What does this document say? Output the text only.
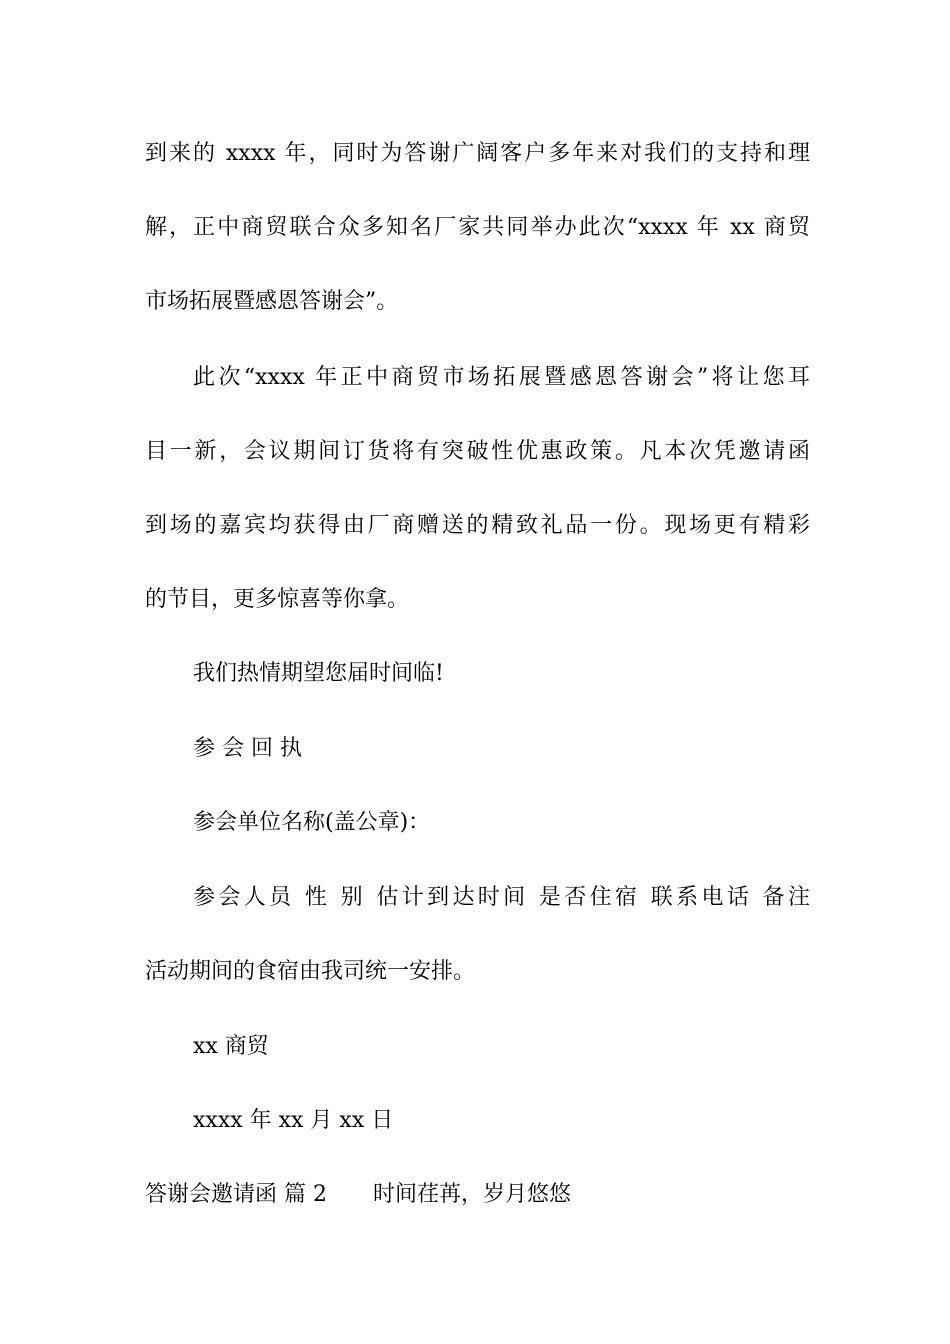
到来的 xxxx 年，同时为答谢广阔客户多年来对我们的支持和理
解，正中商贸联合众多知名厂家共同举办此次“xxxx 年 xx 商贸
市场拓展暨感恩答谢会”。
此次“xxxx 年正中商贸市场拓展暨感恩答谢会”将让您耳
目一新，会议期间订货将有突破性优惠政策。凡本次凭邀请函
到场的嘉宾均获得由厂商赠送的精致礼品一份。现场更有精彩
的节目，更多惊喜等你拿。
我们热情期望您届时间临!
参 会 回 执
参会单位名称(盖公章)：
参会人员 性 别 估计到达时间 是否住宿 联系电话 备注
活动期间的食宿由我司统一安排。
xx 商贸
xxxx 年 xx 月 xx 日
答谢会邀请函 篇 2 时间荏苒，岁月悠悠
